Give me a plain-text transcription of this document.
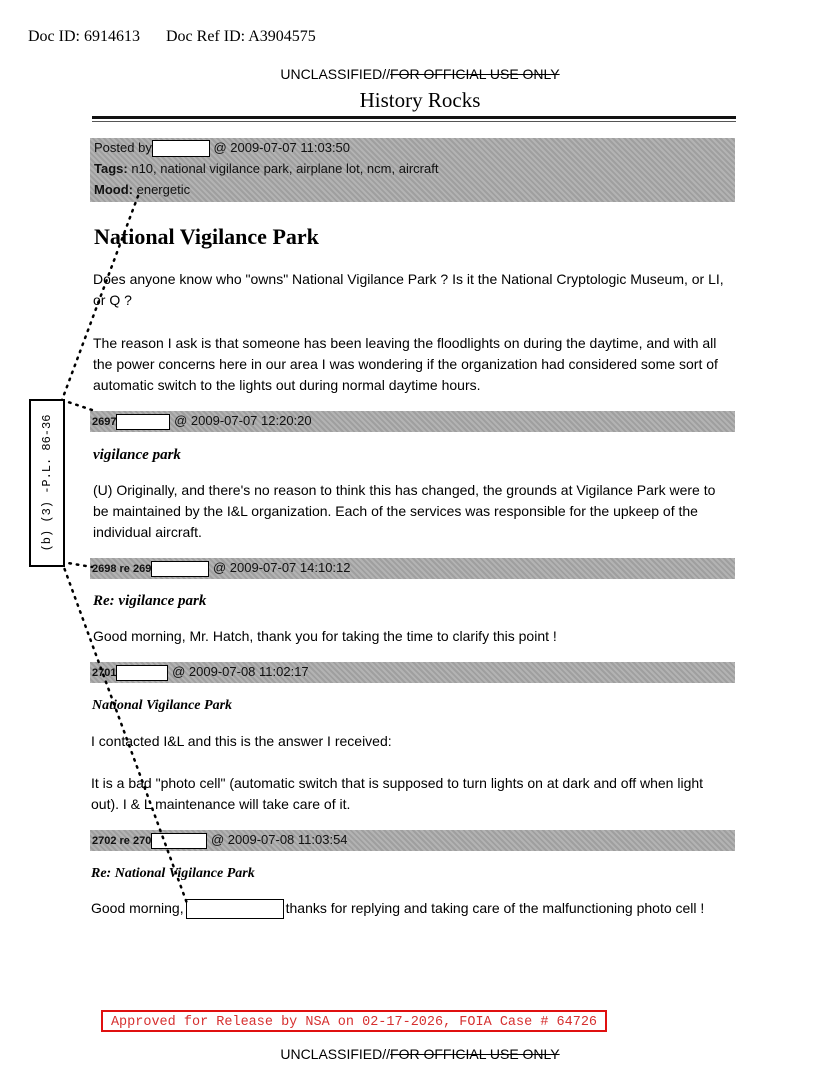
Doc ID: 6914613 Doc Ref ID: A3904575
UNCLASSIFIED//FOR OFFICIAL USE ONLY
History Rocks
Posted by	@ 2009-07-07 11:03:50
Tags: n10, national vigilance park, airplane lot, ncm, aircraft
Mood: energetic
National Vigilance Park
Does anyone know who "owns" National Vigilance Park ? Is it the National Cryptologic Museum, or LI, or Q ?
The reason I ask is that someone has been leaving the floodlights on during the daytime, and with all the power concerns here in our area I was wondering if the organization had considered some sort of automatic switch to the lights out during normal daytime hours.
2697	@ 2009-07-07 12:20:20
vigilance park
(U) Originally, and there's no reason to think this has changed, the grounds at Vigilance Park were to be maintained by the I&L organization. Each of the services was responsible for the upkeep of the individual aircraft.
2698 re 269	@ 2009-07-07 14:10:12
Re: vigilance park
Good morning, Mr. Hatch, thank you for taking the time to clarify this point !
2701	@ 2009-07-08 11:02:17
National Vigilance Park
I contacted I&L and this is the answer I received:
It is a bad "photo cell" (automatic switch that is supposed to turn lights on at dark and off when light out). I & L maintenance will take care of it.
2702 re 270	@ 2009-07-08 11:03:54
Re: National Vigilance Park
Good morning,	thanks for replying and taking care of the malfunctioning photo cell !
(b) (3) -P.L. 86-36
Approved for Release by NSA on 02-17-2026, FOIA Case # 64726
UNCLASSIFIED//FOR OFFICIAL USE ONLY
